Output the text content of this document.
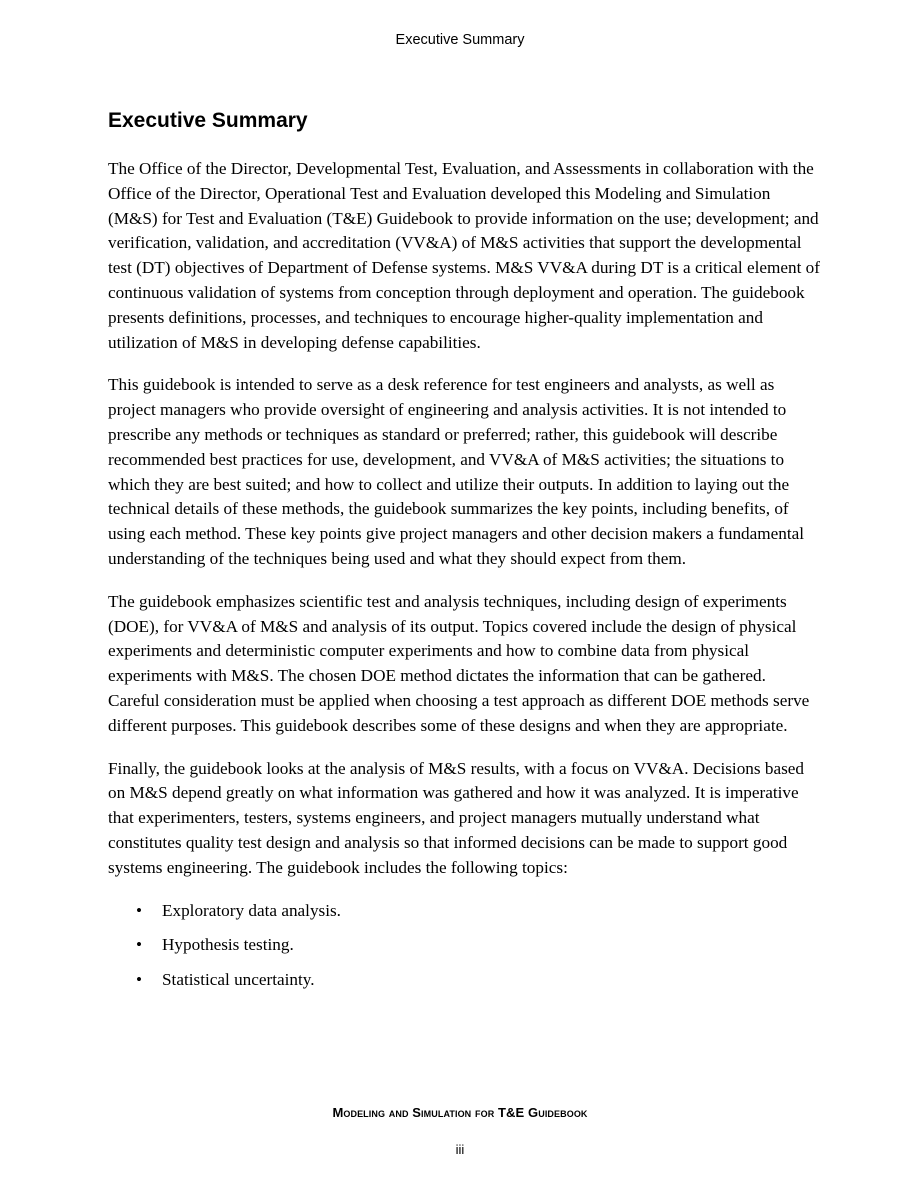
Executive Summary
Executive Summary

The Office of the Director, Developmental Test, Evaluation, and Assessments in collaboration with the Office of the Director, Operational Test and Evaluation developed this Modeling and Simulation (M&S) for Test and Evaluation (T&E) Guidebook to provide information on the use; development; and verification, validation, and accreditation (VV&A) of M&S activities that support the developmental test (DT) objectives of Department of Defense systems. M&S VV&A during DT is a critical element of continuous validation of systems from conception through deployment and operation. The guidebook presents definitions, processes, and techniques to encourage higher-quality implementation and utilization of M&S in developing defense capabilities.

This guidebook is intended to serve as a desk reference for test engineers and analysts, as well as project managers who provide oversight of engineering and analysis activities. It is not intended to prescribe any methods or techniques as standard or preferred; rather, this guidebook will describe recommended best practices for use, development, and VV&A of M&S activities; the situations to which they are best suited; and how to collect and utilize their outputs. In addition to laying out the technical details of these methods, the guidebook summarizes the key points, including benefits, of using each method. These key points give project managers and other decision makers a fundamental understanding of the techniques being used and what they should expect from them.

The guidebook emphasizes scientific test and analysis techniques, including design of experiments (DOE), for VV&A of M&S and analysis of its output. Topics covered include the design of physical experiments and deterministic computer experiments and how to combine data from physical experiments with M&S. The chosen DOE method dictates the information that can be gathered. Careful consideration must be applied when choosing a test approach as different DOE methods serve different purposes. This guidebook describes some of these designs and when they are appropriate.

Finally, the guidebook looks at the analysis of M&S results, with a focus on VV&A. Decisions based on M&S depend greatly on what information was gathered and how it was analyzed. It is imperative that experimenters, testers, systems engineers, and project managers mutually understand what constitutes quality test design and analysis so that informed decisions can be made to support good systems engineering. The guidebook includes the following topics:

• Exploratory data analysis.
• Hypothesis testing.
• Statistical uncertainty.
Modeling and Simulation for T&E Guidebook
iii
